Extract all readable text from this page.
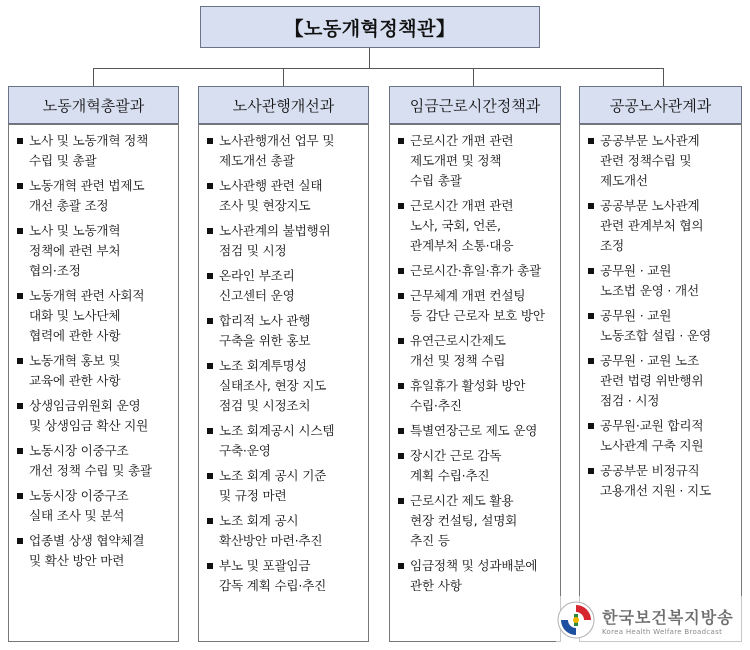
【노동개혁정책관】
노동개혁총괄과
노사 및 노동개혁 정책
수립 및 총괄
노동개혁 관련 법제도
개선 총괄 조정
노사 및 노동개혁
정책에 관련 부처
협의·조정
노동개혁 관련 사회적
대화 및 노사단체
협력에 관한 사항
노동개혁 홍보 및
교육에 관한 사항
상생임금위원회 운영
및 상생임금 확산 지원
노동시장 이중구조
개선 정책 수립 및 총괄
노동시장 이중구조
실태 조사 및 분석
업종별 상생 협약체결
및 확산 방안 마련
노사관행개선과
노사관행개선 업무 및
제도개선 총괄
노사관행 관련 실태
조사 및 현장지도
노사관계의 불법행위
점검 및 시정
온라인 부조리
신고센터 운영
합리적 노사 관행
구축을 위한 홍보
노조 회계투명성
실태조사, 현장 지도
점검 및 시정조치
노조 회계공시 시스템
구축·운영
노조 회계 공시 기준
및 규정 마련
노조 회계 공시
확산방안 마련·추진
부노 및 포괄임금
감독 계획 수립·추진
임금근로시간정책과
근로시간 개편 관련
제도개편 및 정책
수립 총괄
근로시간 개편 관련
노사, 국회, 언론,
관계부처 소통·대응
근로시간·휴일·휴가 총괄
근무체계 개편 컨설팅
등 감단 근로자 보호 방안
유연근로시간제도
개선 및 정책 수립
휴일휴가 활성화 방안
수립·추진
특별연장근로 제도 운영
장시간 근로 감독
계획 수립·추진
근로시간 제도 활용
현장 컨설팅, 설명회
추진 등
임금정책 및 성과배분에
관한 사항
공공노사관계과
공공부문 노사관계
관련 정책수립 및
제도개선
공공부문 노사관계
관련 관계부처 협의
조정
공무원 · 교원
노조법 운영 · 개선
공무원 · 교원
노동조합 설립 · 운영
공무원 · 교원 노조
관련 법령 위반행위
점검 · 시정
공무원·교원 합리적
노사관계 구축 지원
공공부문 비정규직
고용개선 지원 · 지도
한국보건복지방송
Korea Health Welfare Broadcast
